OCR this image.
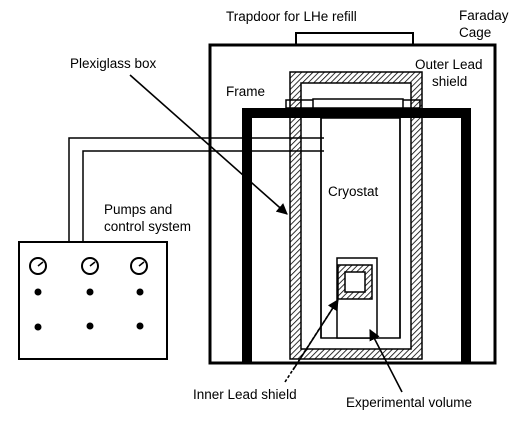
Trapdoor for LHe refill	Faraday
Cage
Plexiglass box	Outer Lead
shield
Frame
Cryostat
Pumps and
control system
Inner Lead shield
Experimental volume
